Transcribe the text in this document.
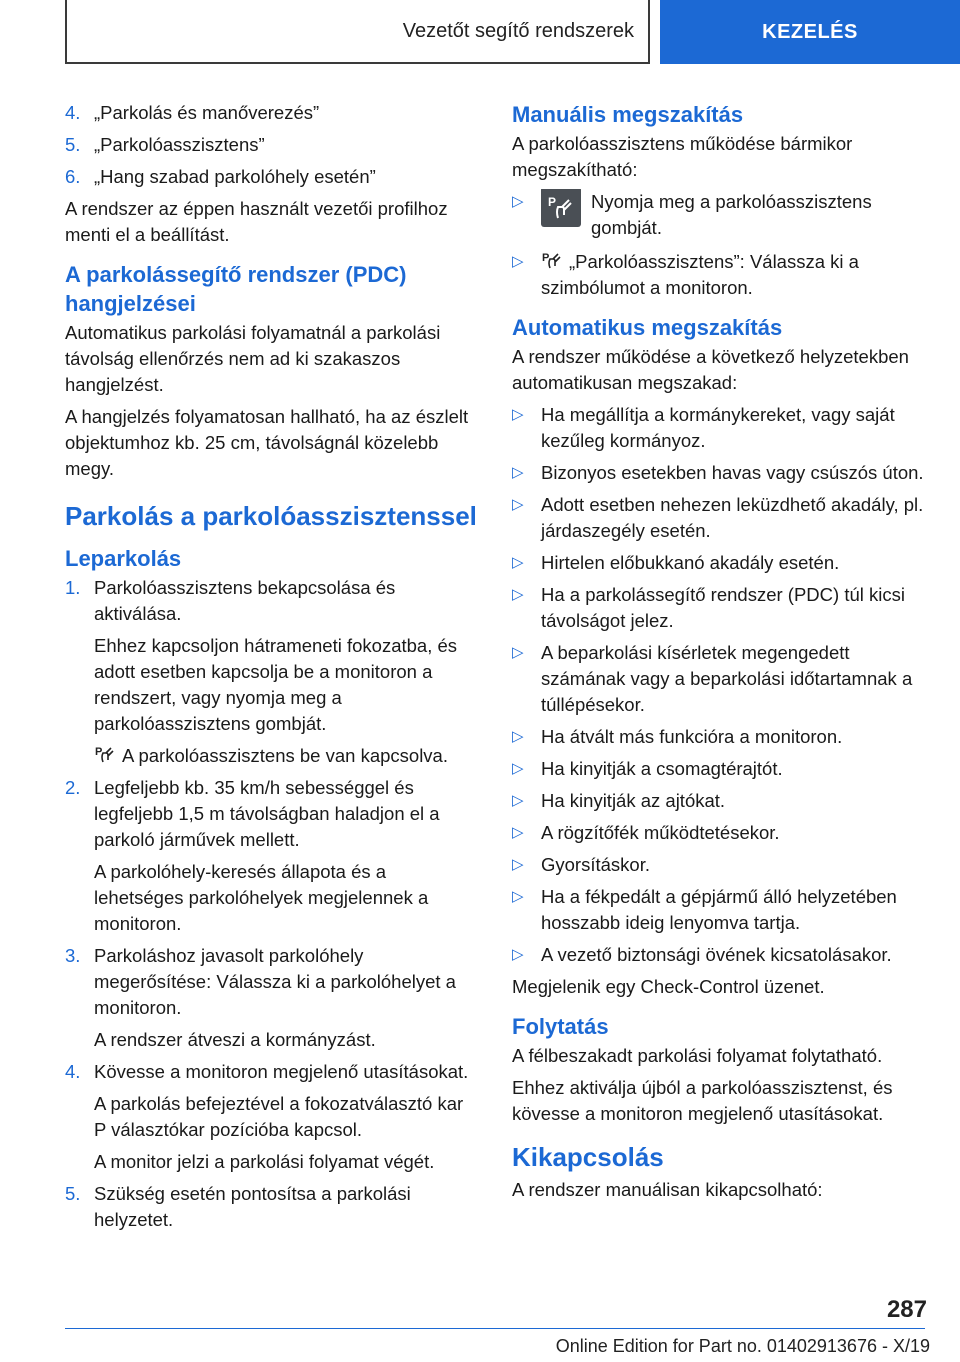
Vezetőt segítő rendszerek	KEZELÉS
4. „Parkolás és manőverezés”
5. „Parkolóasszisztens”
6. „Hang szabad parkolóhely esetén”

A rendszer az éppen használt vezetői profilhoz menti el a beállítást.

A parkolássegítő rendszer (PDC) hangjelzései

Automatikus parkolási folyamatnál a parkolási távolság ellenőrzés nem ad ki szakaszos hangjelzést.

A hangjelzés folyamatosan hallható, ha az észlelt objektumhoz kb. 25 cm, távolságnál közelebb megy.

Parkolás a parkolóasszisztenssel
Leparkolás
1. Parkolóasszisztens bekapcsolása és aktiválása.
Ehhez kapcsoljon hátrameneti fokozatba, és adott esetben kapcsolja be a monitoron a rendszert, vagy nyomja meg a parkolóasszisztens gombját.
P A parkolóasszisztens be van kapcsolva.
2. Legfeljebb kb. 35 km/h sebességgel és legfeljebb 1,5 m távolságban haladjon el a parkoló járművek mellett.
A parkolóhely-keresés állapota és a lehetséges parkolóhelyek megjelennek a monitoron.
3. Parkoláshoz javasolt parkolóhely megerősítése: Válassza ki a parkolóhelyet a monitoron.
A rendszer átveszi a kormányzást.
4. Kövesse a monitoron megjelenő utasításokat.
A parkolás befejeztével a fokozatválasztó kar P választókar pozícióba kapcsol.
A monitor jelzi a parkolási folyamat végét.
5. Szükség esetén pontosítsa a parkolási helyzetet.
Manuális megszakítás

A parkolóasszisztens működése bármikor megszakítható:

▷ P	Nyomja meg a parkolóasszisztens gombját.
▷ P „Parkolóasszisztens”: Válassza ki a szimbólumot a monitoron.
Automatikus megszakítás

A rendszer működése a következő helyzetekben automatikusan megszakad:

▷ Ha megállítja a kormánykereket, vagy saját kezűleg kormányoz.
▷ Bizonyos esetekben havas vagy csúszós úton.
▷ Adott esetben nehezen leküzdhető akadály, pl. járdaszegély esetén.
▷ Hirtelen előbukkanó akadály esetén.
▷ Ha a parkolássegítő rendszer (PDC) túl kicsi távolságot jelez.
▷ A beparkolási kísérletek megengedett számának vagy a beparkolási időtartamnak a túllépésekor.
▷ Ha átvált más funkcióra a monitoron.
▷ Ha kinyitják a csomagtérajtót.
▷ Ha kinyitják az ajtókat.
▷ A rögzítőfék működtetésekor.
▷ Gyorsításkor.
▷ Ha a fékpedált a gépjármű álló helyzetében hosszabb ideig lenyomva tartja.
▷ A vezető biztonsági övének kicsatolásakor.

Megjelenik egy Check-Control üzenet.

Folytatás

A félbeszakadt parkolási folyamat folytatható.

Ehhez aktiválja újból a parkolóasszisztenst, és kövesse a monitoron megjelenő utasításokat.

Kikapcsolás

A rendszer manuálisan kikapcsolható:

287
Online Edition for Part no. 01402913676 - X/19
